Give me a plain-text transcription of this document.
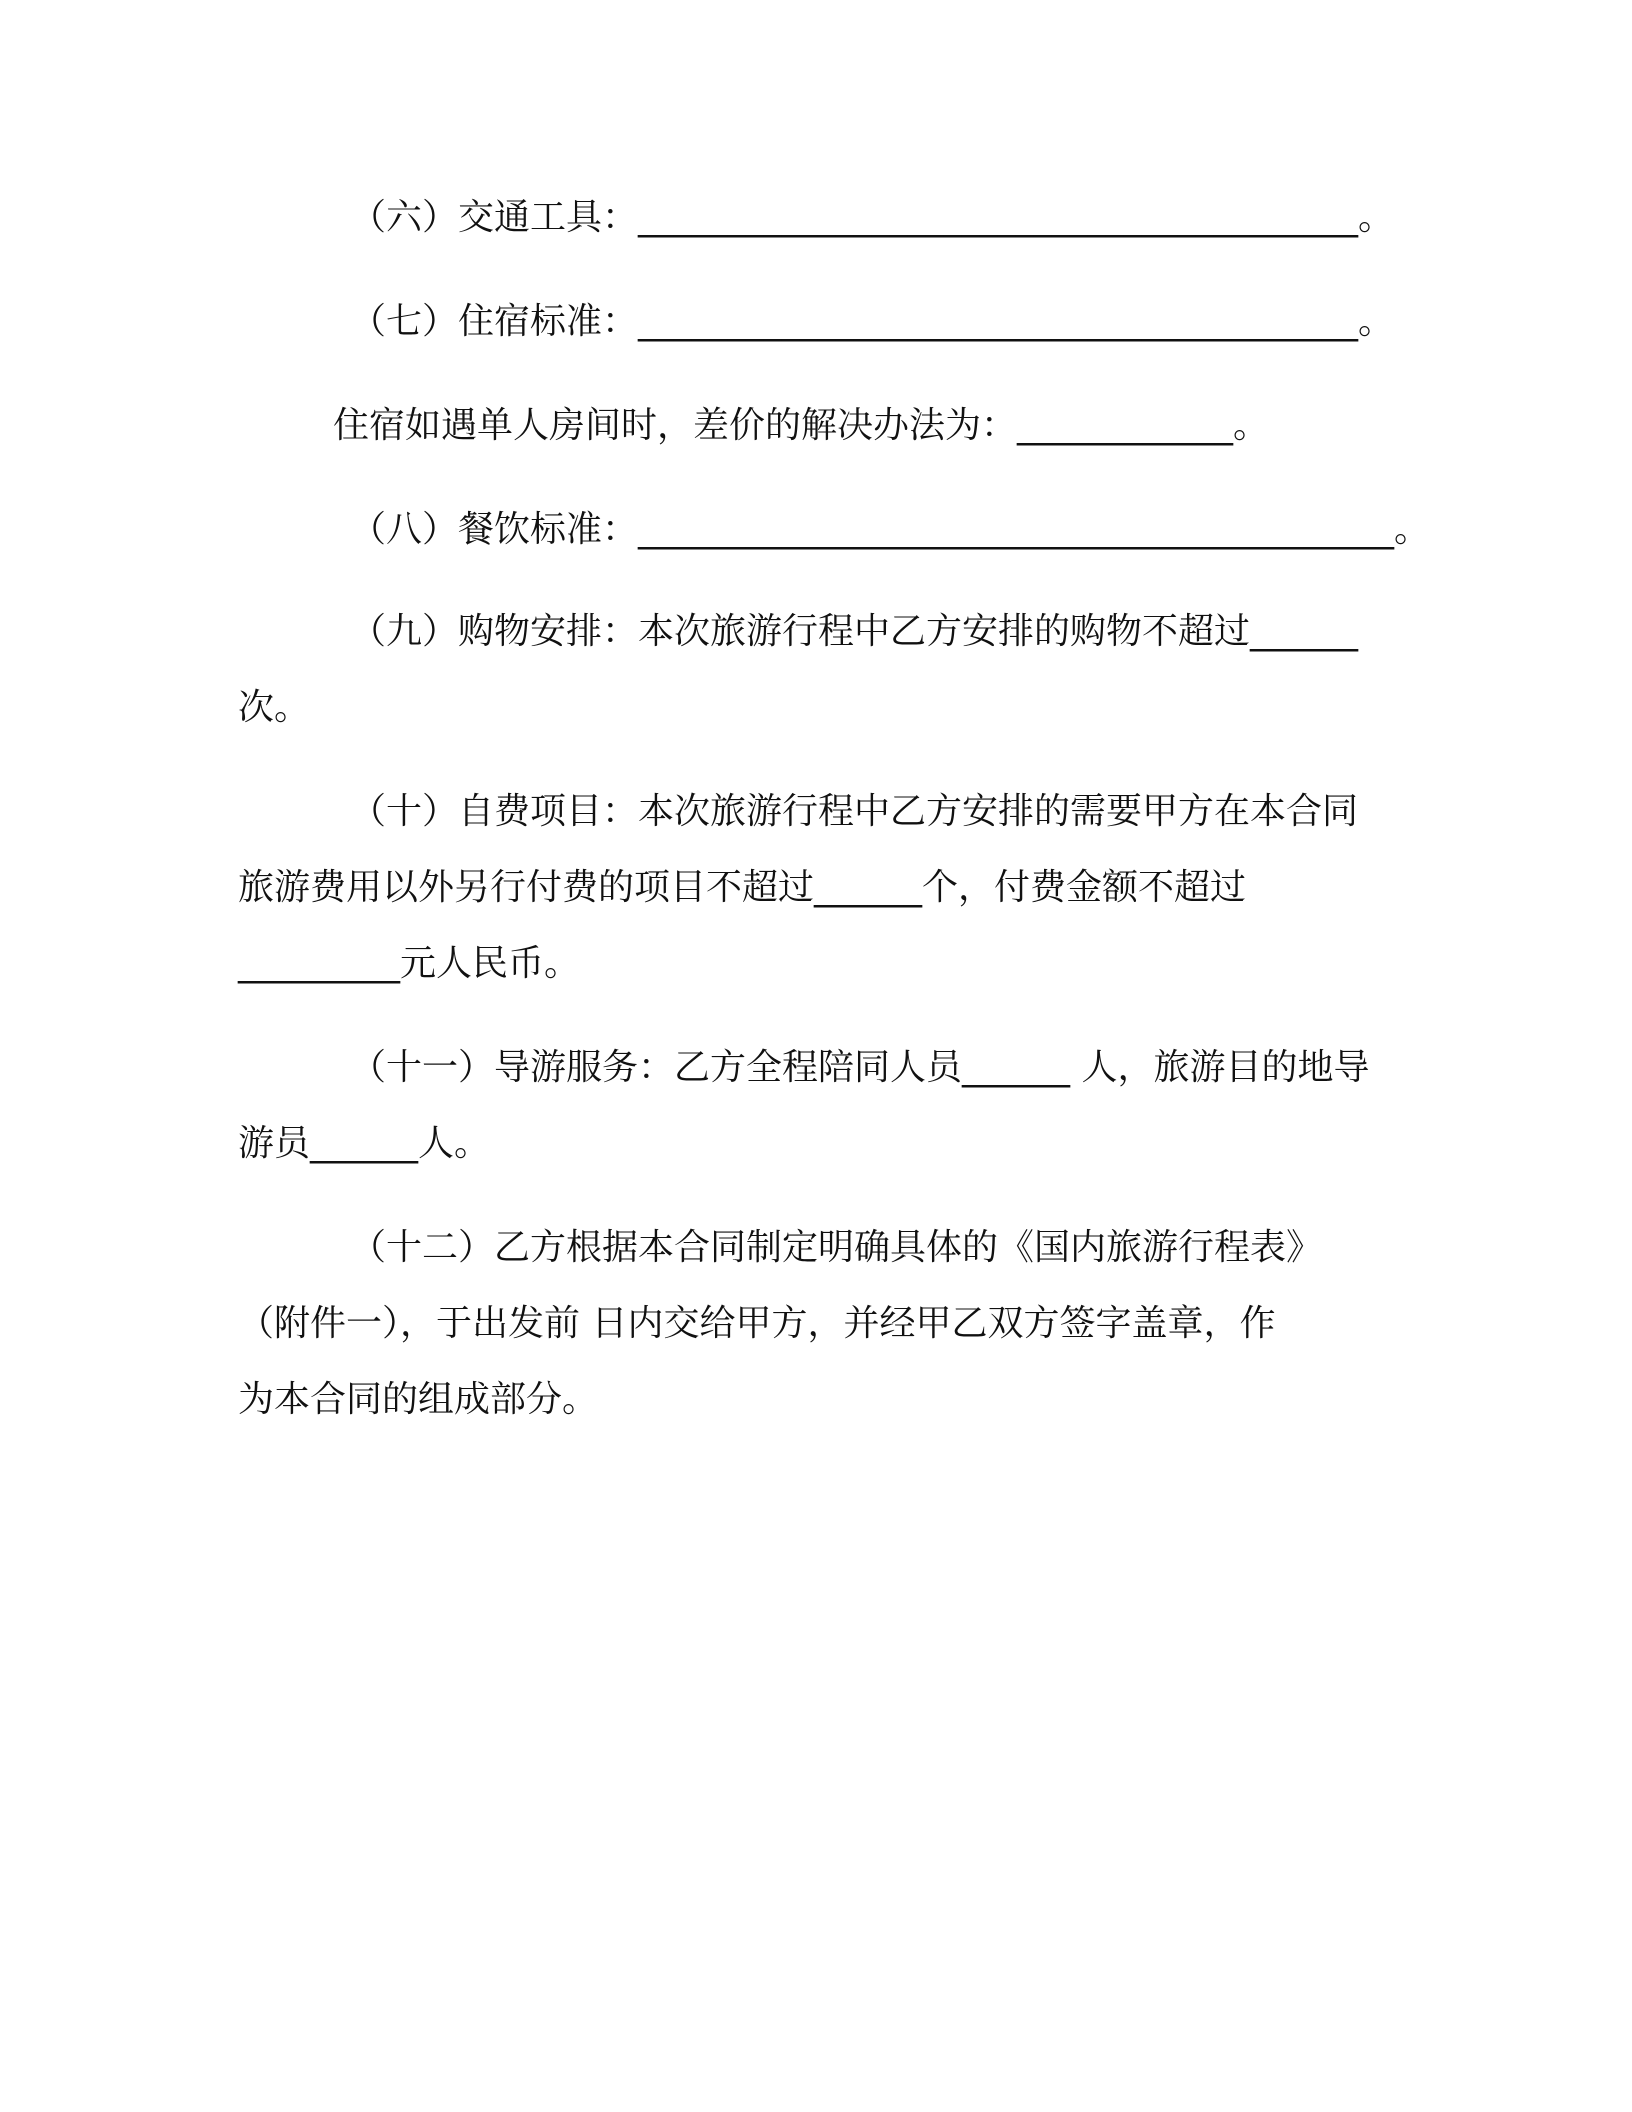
（六）交通工具：________________________________________。
（七）住宿标准：________________________________________。
住宿如遇单人房间时，差价的解决办法为：____________。
（八）餐饮标准：__________________________________________。
（九）购物安排：本次旅游行程中乙方安排的购物不超过______
次。
（十）自费项目：本次旅游行程中乙方安排的需要甲方在本合同
旅游费用以外另行付费的项目不超过______个，付费金额不超过
_________元人民币。
（十一）导游服务：乙方全程陪同人员______ 人，旅游目的地导
游员______人。
（十二）乙方根据本合同制定明确具体的《国内旅游行程表》
（附件一），于出发前 日内交给甲方，并经甲乙双方签字盖章，作
为本合同的组成部分。
